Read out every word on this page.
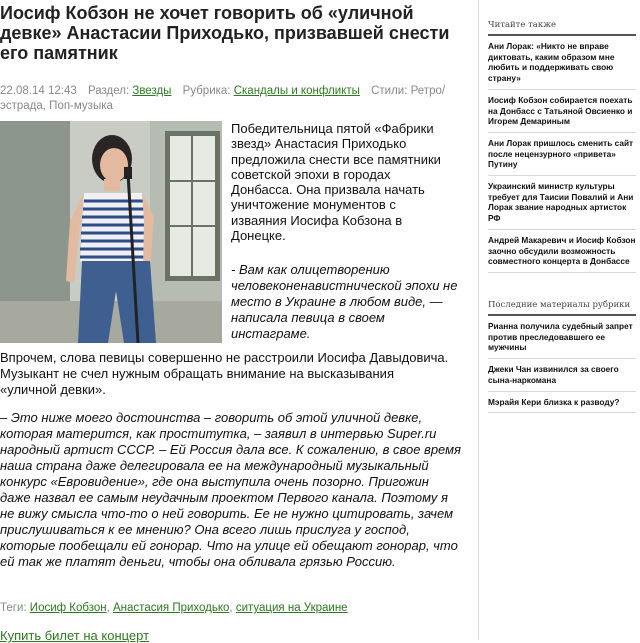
Иосиф Кобзон не хочет говорить об «уличной девке» Анастасии Приходько, призвавшей снести его памятник
22.08.14 12:43 Раздел: Звезды Рубрика: Скандалы и конфликты Стили: Ретро/эстрада, Поп-музыка
Победительница пятой «Фабрики звезд» Анастасия Приходько предложила снести все памятники советской эпохи в городах Донбасса. Она призвала начать уничтожение монументов с изваяния Иосифа Кобзона в Донецке.
- Вам как олицетворению человеконенавистнической эпохи не место в Украине в любом виде, — написала певица в своем инстаграме.
Впрочем, слова певицы совершенно не расстроили Иосифа Давыдовича. Музыкант не счел нужным обращать внимание на высказывания «уличной девки».
– Это ниже моего достоинства – говорить об этой уличной девке, которая матерится, как проститутка, – заявил в интервью Super.ru народный артист СССР. – Ей Россия дала все. К сожалению, в свое время наша страна даже делегировала ее на международный музыкальный конкурс «Евровидение», где она выступила очень позорно. Пригожин даже назвал ее самым неудачным проектом Первого канала. Поэтому я не вижу смысла что-то о ней говорить. Ее не нужно цитировать, зачем прислушиваться к ее мнению? Она всего лишь прислуга у господ, которые пообещали ей гонорар. Что на улице ей обещают гонорар, что ей так же платят деньги, чтобы она обливала грязью Россию.
Теги: Иосиф Кобзон, Анастасия Приходько, ситуация на Украине
Купить билет на концерт
Читайте также
Ани Лорак: «Никто не вправе диктовать, каким образом мне любить и поддерживать свою страну»
Иосиф Кобзон собирается поехать на Донбасс с Татьяной Овсиенко и Игорем Демариным
Ани Лорак пришлось сменить сайт после нецензурного «привета» Путину
Украинский министр культуры требует для Таисии Повалий и Ани Лорак звание народных артисток РФ
Андрей Макаревич и Иосиф Кобзон заочно обсудили возможность совместного концерта в Донбассе
Последние материалы рубрики
Рианна получила судебный запрет против преследовавшего ее мужчины
Джеки Чан извинился за своего сына-наркомана
Мэрайя Кери близка к разводу?
